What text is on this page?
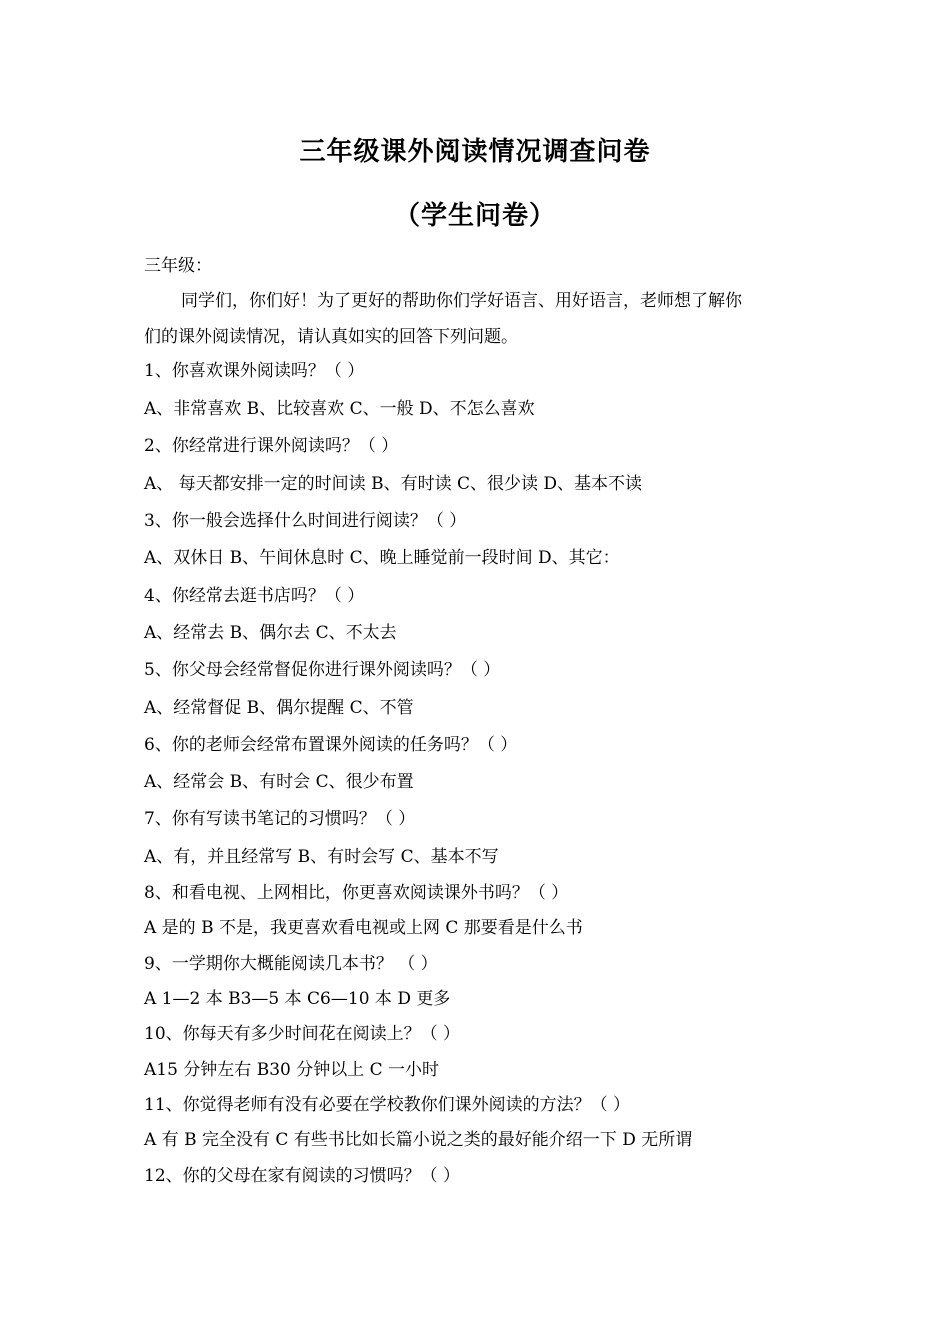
三年级课外阅读情况调查问卷
（学生问卷）
三年级：
同学们，你们好！为了更好的帮助你们学好语言、用好语言，老师想了解你
们的课外阅读情况，请认真如实的回答下列问题。
1、你喜欢课外阅读吗？（ ）
A、非常喜欢 B、比较喜欢 C、一般 D、不怎么喜欢
2、你经常进行课外阅读吗？（ ）
A、 每天都安排一定的时间读 B、有时读 C、很少读 D、基本不读
3、你一般会选择什么时间进行阅读？（ ）
A、双休日 B、午间休息时 C、晚上睡觉前一段时间 D、其它：
4、你经常去逛书店吗？（ ）
A、经常去 B、偶尔去 C、不太去
5、你父母会经常督促你进行课外阅读吗？（ ）
A、经常督促 B、偶尔提醒 C、不管
6、你的老师会经常布置课外阅读的任务吗？（ ）
A、经常会 B、有时会 C、很少布置
7、你有写读书笔记的习惯吗？（ ）
A、有，并且经常写 B、有时会写 C、基本不写
8、和看电视、上网相比，你更喜欢阅读课外书吗？（ ）
A 是的 B 不是，我更喜欢看电视或上网 C 那要看是什么书
9、一学期你大概能阅读几本书？ （ ）
A 1—2 本 B3—5 本 C6—10 本 D 更多
10、你每天有多少时间花在阅读上？（ ）
A15 分钟左右 B30 分钟以上 C 一小时
11、你觉得老师有没有必要在学校教你们课外阅读的方法？（ ）
A 有 B 完全没有 C 有些书比如长篇小说之类的最好能介绍一下 D 无所谓
12、你的父母在家有阅读的习惯吗？（ ）
